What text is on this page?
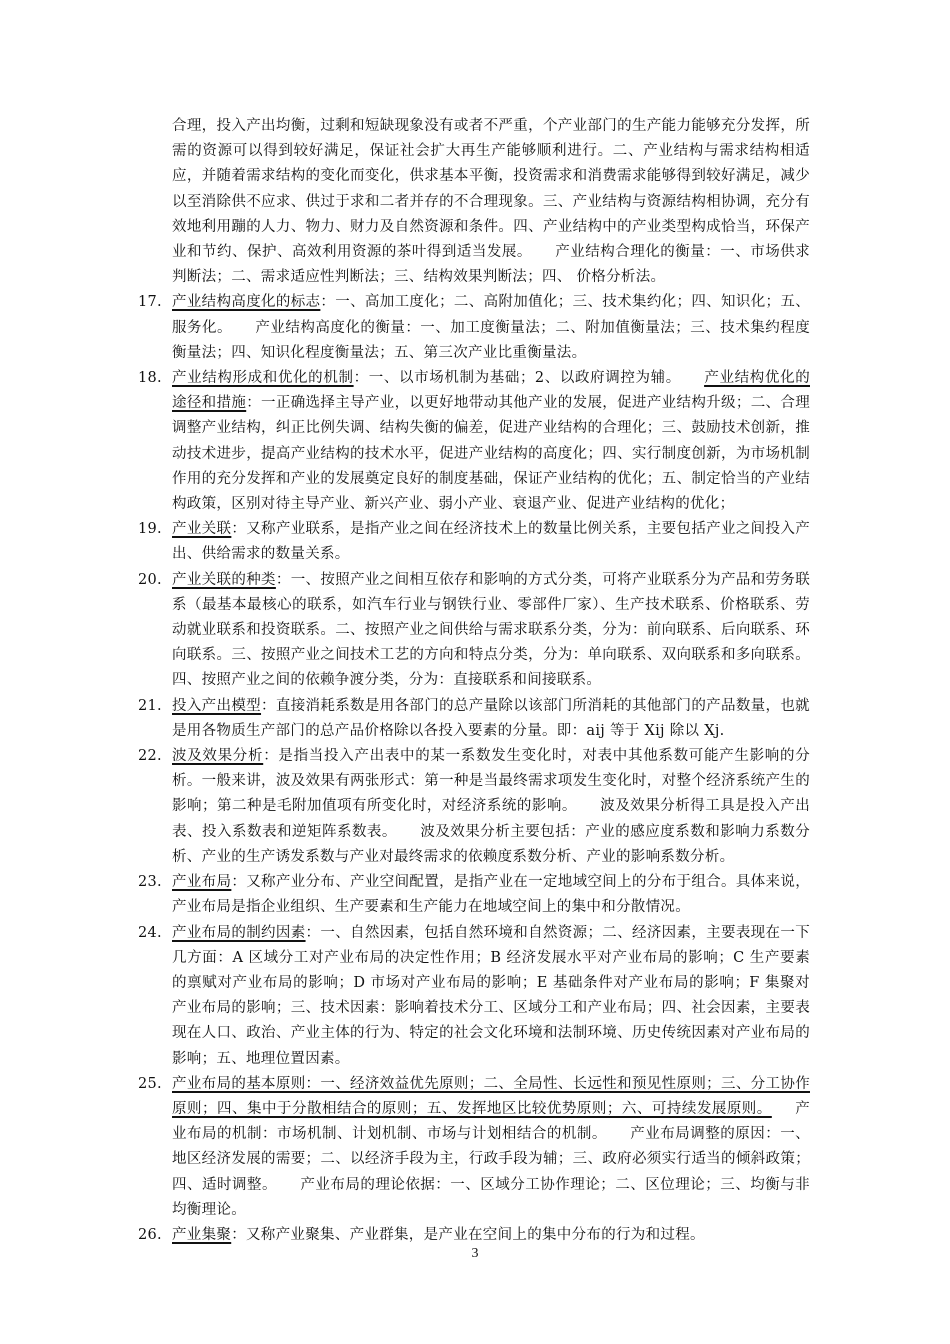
合理，投入产出均衡，过剩和短缺现象没有或者不严重，个产业部门的生产能力能够充分发挥，所需的资源可以得到较好满足，保证社会扩大再生产能够顺利进行。二、产业结构与需求结构相适应，并随着需求结构的变化而变化，供求基本平衡，投资需求和消费需求能够得到较好满足，减少以至消除供不应求、供过于求和二者并存的不合理现象。三、产业结构与资源结构相协调，充分有效地利用蹦的人力、物力、财力及自然资源和条件。四、产业结构中的产业类型构成恰当，环保产业和节约、保护、高效利用资源的茶叶得到适当发展。 产业结构合理化的衡量：一、市场供求判断法；二、需求适应性判断法；三、结构效果判断法；四、 价格分析法。

17. 产业结构高度化的标志：一、高加工度化；二、高附加值化；三、技术集约化；四、知识化；五、服务化。 产业结构高度化的衡量：一、加工度衡量法；二、附加值衡量法；三、技术集约程度衡量法；四、知识化程度衡量法；五、第三次产业比重衡量法。

18. 产业结构形成和优化的机制：一、以市场机制为基础；2、以政府调控为辅。 产业结构优化的途径和措施：一正确选择主导产业，以更好地带动其他产业的发展，促进产业结构升级；二、合理调整产业结构，纠正比例失调、结构失衡的偏差，促进产业结构的合理化；三、鼓励技术创新，推动技术进步，提高产业结构的技术水平，促进产业结构的高度化；四、实行制度创新，为市场机制作用的充分发挥和产业的发展奠定良好的制度基础，保证产业结构的优化；五、制定恰当的产业结构政策，区别对待主导产业、新兴产业、弱小产业、衰退产业、促进产业结构的优化；

19. 产业关联：又称产业联系，是指产业之间在经济技术上的数量比例关系，主要包括产业之间投入产出、供给需求的数量关系。

20. 产业关联的种类：一、按照产业之间相互依存和影响的方式分类，可将产业联系分为产品和劳务联系（最基本最核心的联系，如汽车行业与钢铁行业、零部件厂家）、生产技术联系、价格联系、劳动就业联系和投资联系。二、按照产业之间供给与需求联系分类，分为：前向联系、后向联系、环向联系。三、按照产业之间技术工艺的方向和特点分类，分为：单向联系、双向联系和多向联系。四、按照产业之间的依赖争渡分类，分为：直接联系和间接联系。

21. 投入产出模型：直接消耗系数是用各部门的总产量除以该部门所消耗的其他部门的产品数量，也就是用各物质生产部门的总产品价格除以各投入要素的分量。即：aij 等于 Xij 除以 Xj.

22. 波及效果分析：是指当投入产出表中的某一系数发生变化时，对表中其他系数可能产生影响的分析。一般来讲，波及效果有两张形式：第一种是当最终需求项发生变化时，对整个经济系统产生的影响；第二种是毛附加值项有所变化时，对经济系统的影响。 波及效果分析得工具是投入产出表、投入系数表和逆矩阵系数表。 波及效果分析主要包括：产业的感应度系数和影响力系数分析、产业的生产诱发系数与产业对最终需求的依赖度系数分析、产业的影响系数分析。

23. 产业布局：又称产业分布、产业空间配置，是指产业在一定地域空间上的分布于组合。具体来说，产业布局是指企业组织、生产要素和生产能力在地域空间上的集中和分散情况。

24. 产业布局的制约因素：一、自然因素，包括自然环境和自然资源；二、经济因素，主要表现在一下几方面：A 区域分工对产业布局的决定性作用；B 经济发展水平对产业布局的影响；C 生产要素的禀赋对产业布局的影响；D 市场对产业布局的影响；E 基础条件对产业布局的影响；F 集聚对产业布局的影响；三、技术因素：影响着技术分工、区域分工和产业布局；四、社会因素，主要表现在人口、政治、产业主体的行为、特定的社会文化环境和法制环境、历史传统因素对产业布局的影响；五、地理位置因素。

25. 产业布局的基本原则：一、经济效益优先原则；二、全局性、长远性和预见性原则；三、分工协作原则；四、集中于分散相结合的原则；五、发挥地区比较优势原则；六、可持续发展原则。 产业布局的机制：市场机制、计划机制、市场与计划相结合的机制。 产业布局调整的原因：一、地区经济发展的需要；二、以经济手段为主，行政手段为辅；三、政府必须实行适当的倾斜政策；四、适时调整。 产业布局的理论依据：一、区域分工协作理论；二、区位理论；三、均衡与非均衡理论。

26. 产业集聚：又称产业聚集、产业群集，是产业在空间上的集中分布的行为和过程。

3
